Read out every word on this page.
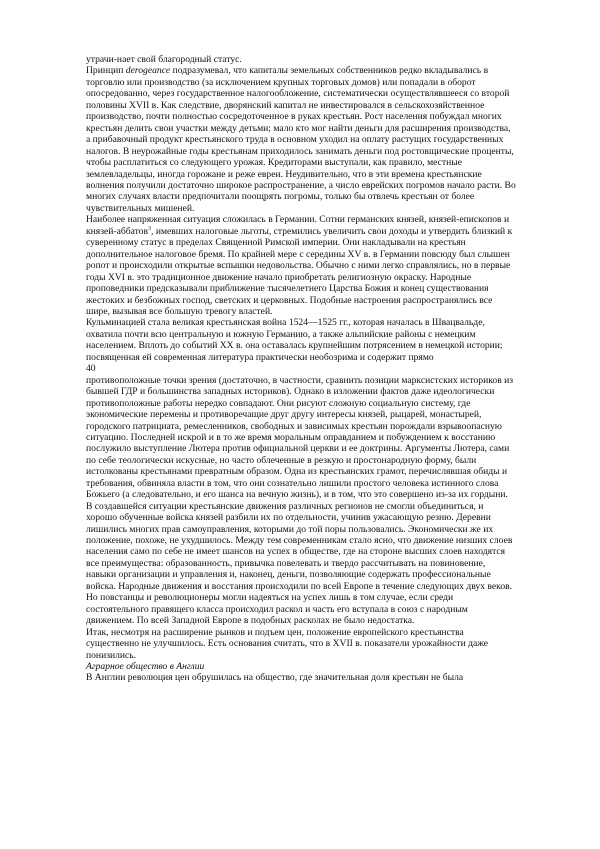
утрачи-нает свой благородный статус.

Принцип derogeance подразумевал, что капиталы земельных собственников редко вкладывались в торговлю или производство (за исключением крупных торговых домов) или попадали в оборот опосредованно, через государственное налогообложение, систематически осуществлявшееся со второй половины XVII в. Как следствие, дворянский капитал не инвестировался в сельскохозяйственное производство, почти полностью сосредоточенное в руках крестьян. Рост населения побуждал многих крестьян делить свои участки между детьми; мало кто мог найти деньги для расширения производства, а прибавочный продукт крестьянского труда в основном уходил на оплату растущих государственных налогов. В неурожайные годы крестьянам приходилось занимать деньги под ростовщические проценты, чтобы расплатиться со следующего урожая. Кредиторами выступали, как правило, местные землевладельцы, иногда горожане и реже евреи. Неудивительно, что в эти времена крестьянские волнения получили достаточно широкое распространение, а число еврейских погромов начало расти. Во многих случаях власти предпочитали поощрять погромы, только бы отвлечь крестьян от более чувствительных мишеней.

Наиболее напряженная ситуация сложилась в Германии. Сотни германских князей, князей-епископов и князей-аббатов$^3$, имевших налоговые льготы, стремились увеличить свои доходы и утвердить близкий к суверенному статус в пределах Священной Римской империи. Они накладывали на крестьян дополнительное налоговое бремя. По крайней мере с середины XV в. в Германии повсюду был слышен ропот и происходили открытые вспышки недовольства. Обычно с ними легко справлялись, но в первые годы XVI в. это традиционное движение начало приобретать религиозную окраску. Народные проповедники предсказывали приближение тысячелетнего Царства Божия и конец существования жестоких и безбожных господ, светских и церковных. Подобные настроения распространялись все шире, вызывая все большую тревогу властей.

Кульминацией стала великая крестьянская война 1524—1525 гг., которая началась в Швацвальде, охватила почти всю центральную и южную Германию, а также альпийские районы с немецким населением. Вплоть до событий XX в. она оставалась крупнейшим потрясением в немецкой истории; посвященная ей современная литература практически необозрима и содержит прямо

40

противоположные точки зрения (достаточно, в частности, сравнить позиции марксистских историков из бывшей ГДР и большинства западных историков). Однако в изложении фактов даже идеологически противоположные работы нередко совпадают. Они рисуют сложную социальную систему, где экономические перемены и противоречащие друг другу интересы князей, рыцарей, монастырей, городского патрициата, ремесленников, свободных и зависимых крестьян порождали взрывоопасную ситуацию. Последней искрой и в то же время моральным оправданием и побуждением к восстанию послужило выступление Лютера против официальной церкви и ее доктрины. Аргументы Лютера, сами по себе теологически искусные, но часто облеченные в резкую и простонародную форму, были истолкованы крестьянами превратным образом. Одна из крестьянских грамот, перечислявшая обиды и требования, обвиняла власти в том, что они сознательно лишили простого человека истинного слова Божьего (а следовательно, и его шанса на вечную жизнь), и в том, что это совершено из-за их гордыни.

В создавшейся ситуации крестьянские движения различных регионов не смогли объединиться, и хорошо обученные войска князей разбили их по отдельности, учинив ужасающую резню. Деревни лишились многих прав самоуправления, которыми до той поры пользовались. Экономически же их положение, похоже, не ухудшилось. Между тем современникам стало ясно, что движение низших слоев населения само по себе не имеет шансов на успех в обществе, где на стороне высших слоев находятся все преимущества: образованность, привычка повелевать и твердо рассчитывать на повиновение, навыки организации и управления и, наконец, деньги, позволяющие содержать профессиональные войска. Народные движения и восстания происходили по всей Европе в течение следующих двух веков. Но повстанцы и революционеры могли надеяться на успех лишь в том случае, если среди состоятельного правящего класса происходил раскол и часть его вступала в союз с народным движением. По всей Западной Европе в подобных расколах не было недостатка.

Итак, несмотря на расширение рынков и подъем цен, положение европейского крестьянства существенно не улучшилось. Есть основания считать, что в XVII в. показатели урожайности даже понизились.

Аграрное общество в Англии

В Англии революция цен обрушилась на общество, где значительная доля крестьян не была
